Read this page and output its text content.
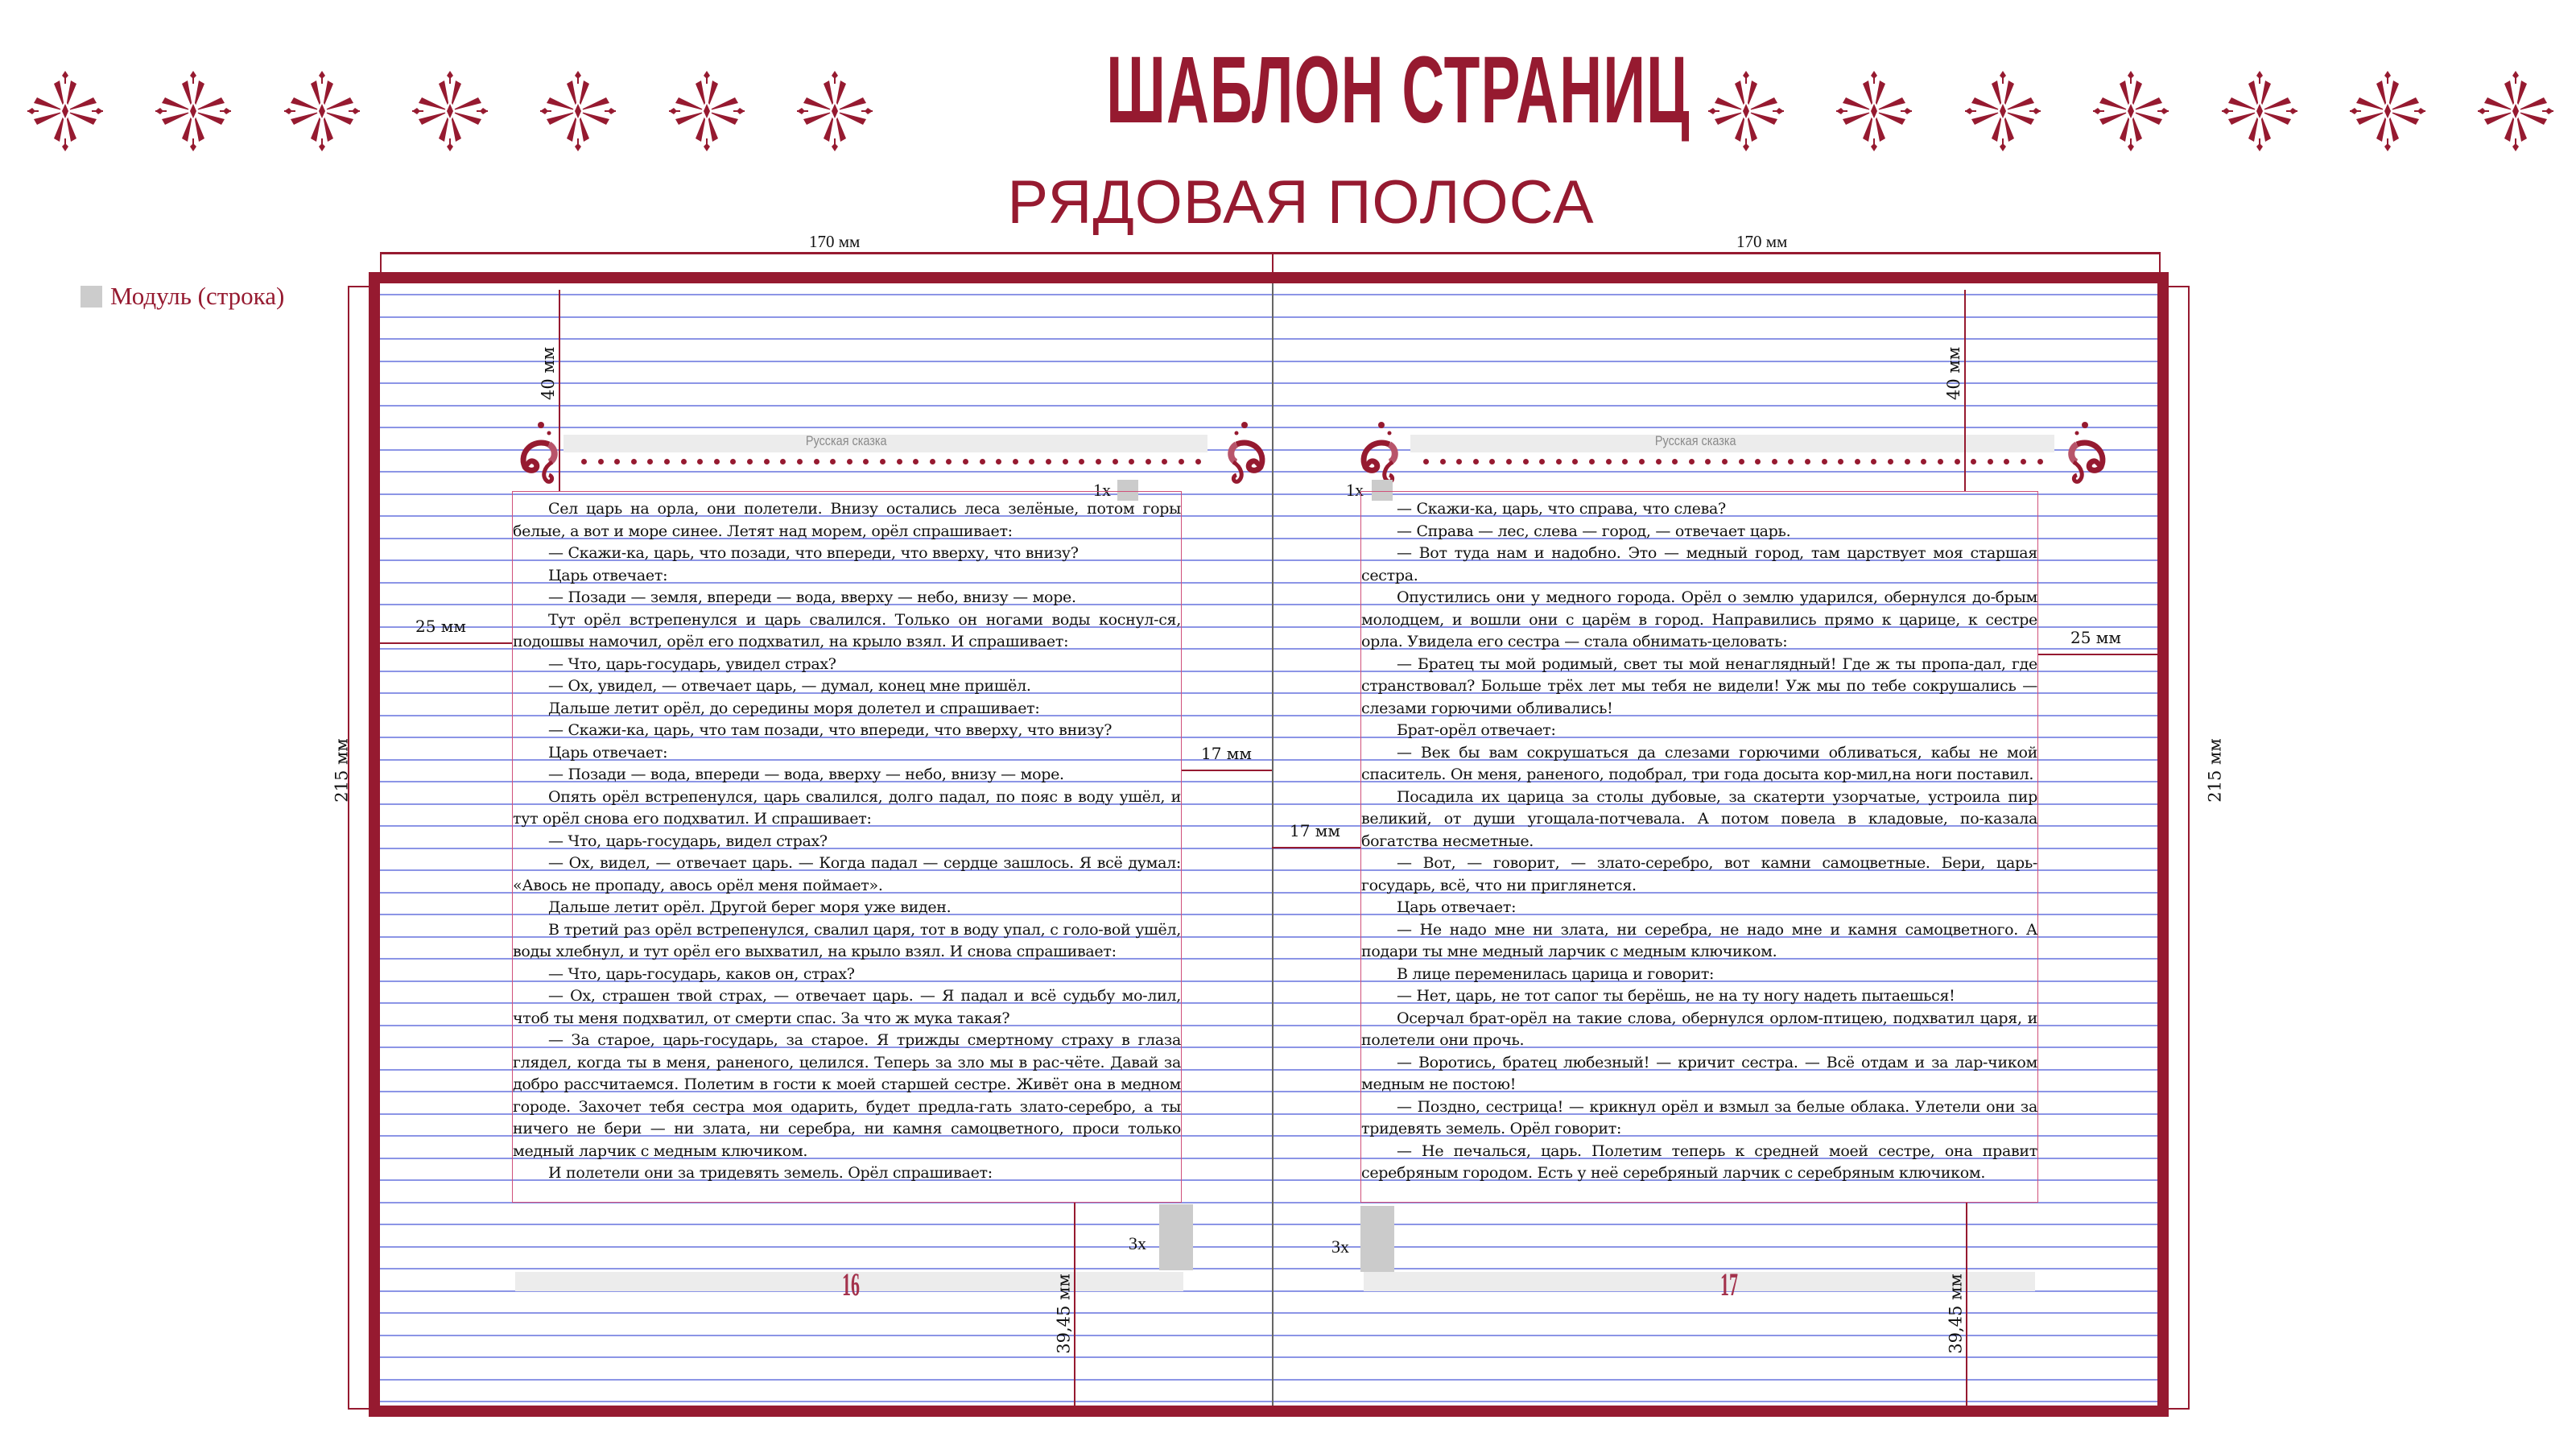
ШАБЛОН СТРАНИЦ
РЯДОВАЯ ПОЛОСА
Модуль (строка)
170 мм	170 мм
215 мм	215 мм
Русская сказка
1x

Сел царь на орла, они полетели. Внизу остались леса зелёные, потом горы белые, а вот и море синее. Летят над морем, орёл спрашивает:

— Скажи-ка, царь, что позади, что впереди, что вверху, что внизу?

Царь отвечает:

— Позади — земля, впереди — вода, вверху — небо, внизу — море.

Тут орёл встрепенулся и царь свалился. Только он ногами воды коснул-ся, подошвы намочил, орёл его подхватил, на крыло взял. И спрашивает:

— Что, царь-государь, увидел страх?

— Ох, увидел, — отвечает царь, — думал, конец мне пришёл.

Дальше летит орёл, до середины моря долетел и спрашивает:

— Скажи-ка, царь, что там позади, что впереди, что вверху, что внизу?

Царь отвечает:

— Позади — вода, впереди — вода, вверху — небо, внизу — море.

Опять орёл встрепенулся, царь свалился, долго падал, по пояс в воду ушёл, и тут орёл снова его подхватил. И спрашивает:

— Что, царь-государь, видел страх?

— Ох, видел, — отвечает царь. — Когда падал — сердце зашлось. Я всё думал: «Авось не пропаду, авось орёл меня поймает».

Дальше летит орёл. Другой берег моря уже виден.

В третий раз орёл встрепенулся, свалил царя, тот в воду упал, с голо-вой ушёл, воды хлебнул, и тут орёл его выхватил, на крыло взял. И снова спрашивает:

— Что, царь-государь, каков он, страх?

— Ох, страшен твой страх, — отвечает царь. — Я падал и всё судьбу мо-лил, чтоб ты меня подхватил, от смерти спас. За что ж мука такая?

— За старое, царь-государь, за старое. Я трижды смертному страху в глаза глядел, когда ты в меня, раненого, целился. Теперь за зло мы в рас-чёте. Давай за добро рассчитаемся. Полетим в гости к моей старшей сестре. Живёт она в медном городе. Захочет тебя сестра моя одарить, будет предла-гать злато-серебро, а ты ничего не бери — ни злата, ни серебра, ни камня самоцветного, проси только медный ларчик с медным ключиком.

И полетели они за тридевять земель. Орёл спрашивает:

3x
16
Русская сказка
1x

— Скажи-ка, царь, что справа, что слева?

— Справа — лес, слева — город, — отвечает царь.

— Вот туда нам и надобно. Это — медный город, там царствует моя старшая сестра.

Опустились они у медного города. Орёл о землю ударился, обернулся до-брым молодцем, и вошли они с царём в город. Направились прямо к царице, к сестре орла. Увидела его сестра — стала обнимать-целовать:

— Братец ты мой родимый, свет ты мой ненаглядный! Где ж ты пропа-дал, где странствовал? Больше трёх лет мы тебя не видели! Уж мы по тебе сокрушались — слезами горючими обливались!

Брат-орёл отвечает:

— Век бы вам сокрушаться да слезами горючими обливаться, кабы не мой спаситель. Он меня, раненого, подобрал, три года досыта кор-мил,на ноги поставил.

Посадила их царица за столы дубовые, за скатерти узорчатые, устроила пир великий, от души угощала-потчевала. А потом повела в кладовые, по-казала богатства несметные.

— Вот, — говорит, — злато-серебро, вот камни самоцветные. Бери, царь-государь, всё, что ни приглянется.

Царь отвечает:

— Не надо мне ни злата, ни серебра, не надо мне и камня самоцветного. А подари ты мне медный ларчик с медным ключиком.

В лице переменилась царица и говорит:

— Нет, царь, не тот сапог ты берёшь, не на ту ногу надеть пытаешься!

Осерчал брат-орёл на такие слова, обернулся орлом-птицею, подхватил царя, и полетели они прочь.

— Воротись, братец любезный! — кричит сестра. — Всё отдам и за лар-чиком медным не постою!

— Поздно, сестрица! — крикнул орёл и взмыл за белые облака. Улетели они за тридевять земель. Орёл говорит:

— Не печалься, царь. Полетим теперь к средней моей сестре, она правит серебряным городом. Есть у неё серебряный ларчик с серебряным ключиком.

3x
17
40 мм	40 мм
25 мм
25 мм
17 мм
17 мм
39,45 мм	39,45 мм
